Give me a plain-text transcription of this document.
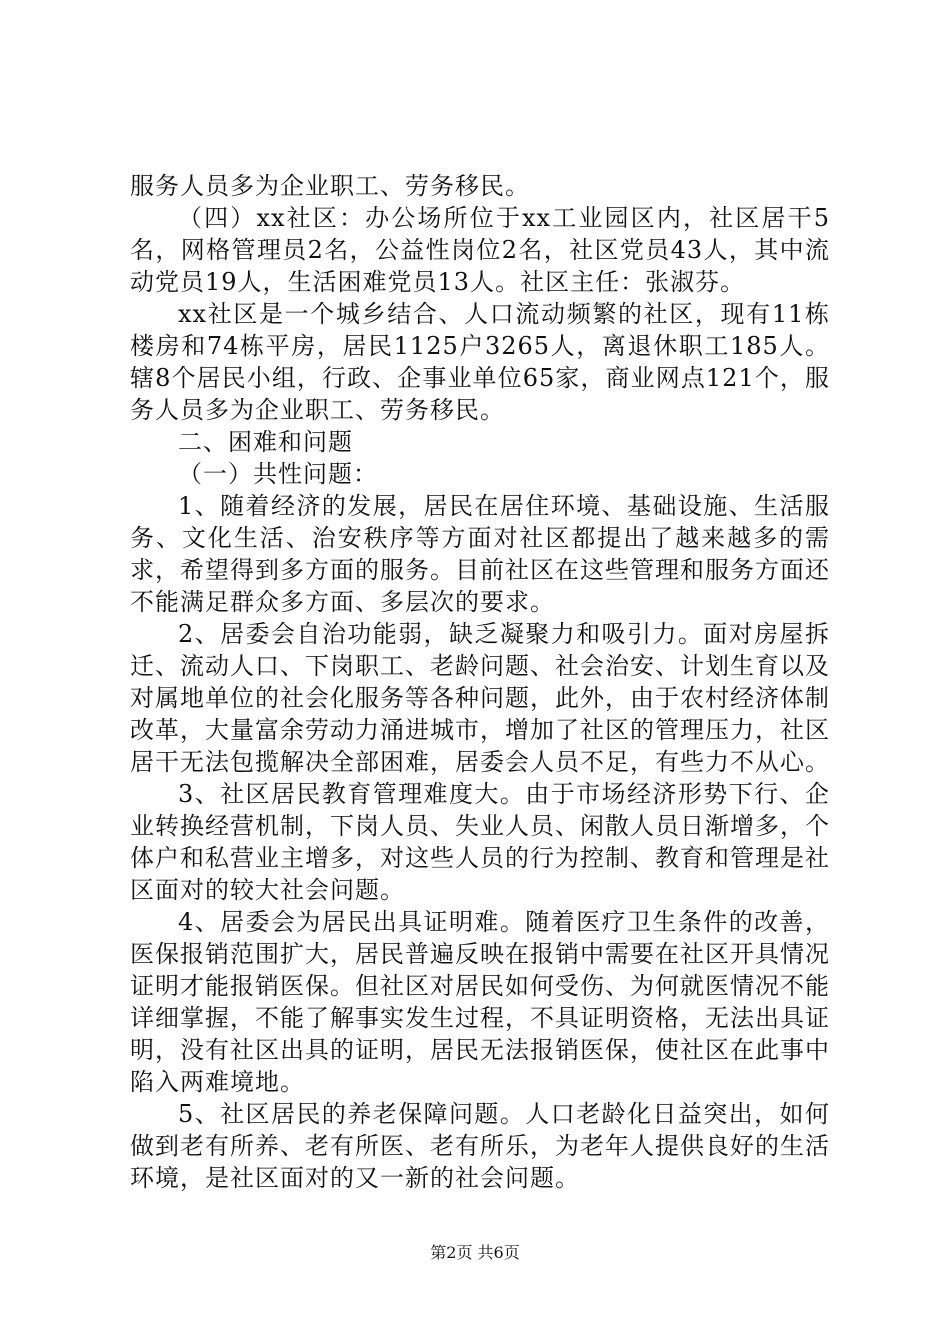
服务人员多为企业职工、劳务移民。

（四）xx社区：办公场所位于xx工业园区内，社区居干5名，网格管理员2名，公益性岗位2名，社区党员43人，其中流动党员19人，生活困难党员13人。社区主任：张淑芬。

xx社区是一个城乡结合、人口流动频繁的社区，现有11栋楼房和74栋平房，居民1125户3265人，离退休职工185人。辖8个居民小组，行政、企事业单位65家，商业网点121个，服务人员多为企业职工、劳务移民。

二、困难和问题

（一）共性问题：

1、随着经济的发展，居民在居住环境、基础设施、生活服务、文化生活、治安秩序等方面对社区都提出了越来越多的需求，希望得到多方面的服务。目前社区在这些管理和服务方面还不能满足群众多方面、多层次的要求。

2、居委会自治功能弱，缺乏凝聚力和吸引力。面对房屋拆迁、流动人口、下岗职工、老龄问题、社会治安、计划生育以及对属地单位的社会化服务等各种问题，此外，由于农村经济体制改革，大量富余劳动力涌进城市，增加了社区的管理压力，社区居干无法包揽解决全部困难，居委会人员不足，有些力不从心。

3、社区居民教育管理难度大。由于市场经济形势下行、企业转换经营机制，下岗人员、失业人员、闲散人员日渐增多，个体户和私营业主增多，对这些人员的行为控制、教育和管理是社区面对的较大社会问题。

4、居委会为居民出具证明难。随着医疗卫生条件的改善，医保报销范围扩大，居民普遍反映在报销中需要在社区开具情况证明才能报销医保。但社区对居民如何受伤、为何就医情况不能详细掌握，不能了解事实发生过程，不具证明资格，无法出具证明，没有社区出具的证明，居民无法报销医保，使社区在此事中陷入两难境地。

5、社区居民的养老保障问题。人口老龄化日益突出，如何做到老有所养、老有所医、老有所乐，为老年人提供良好的生活环境，是社区面对的又一新的社会问题。

第2页 共6页
